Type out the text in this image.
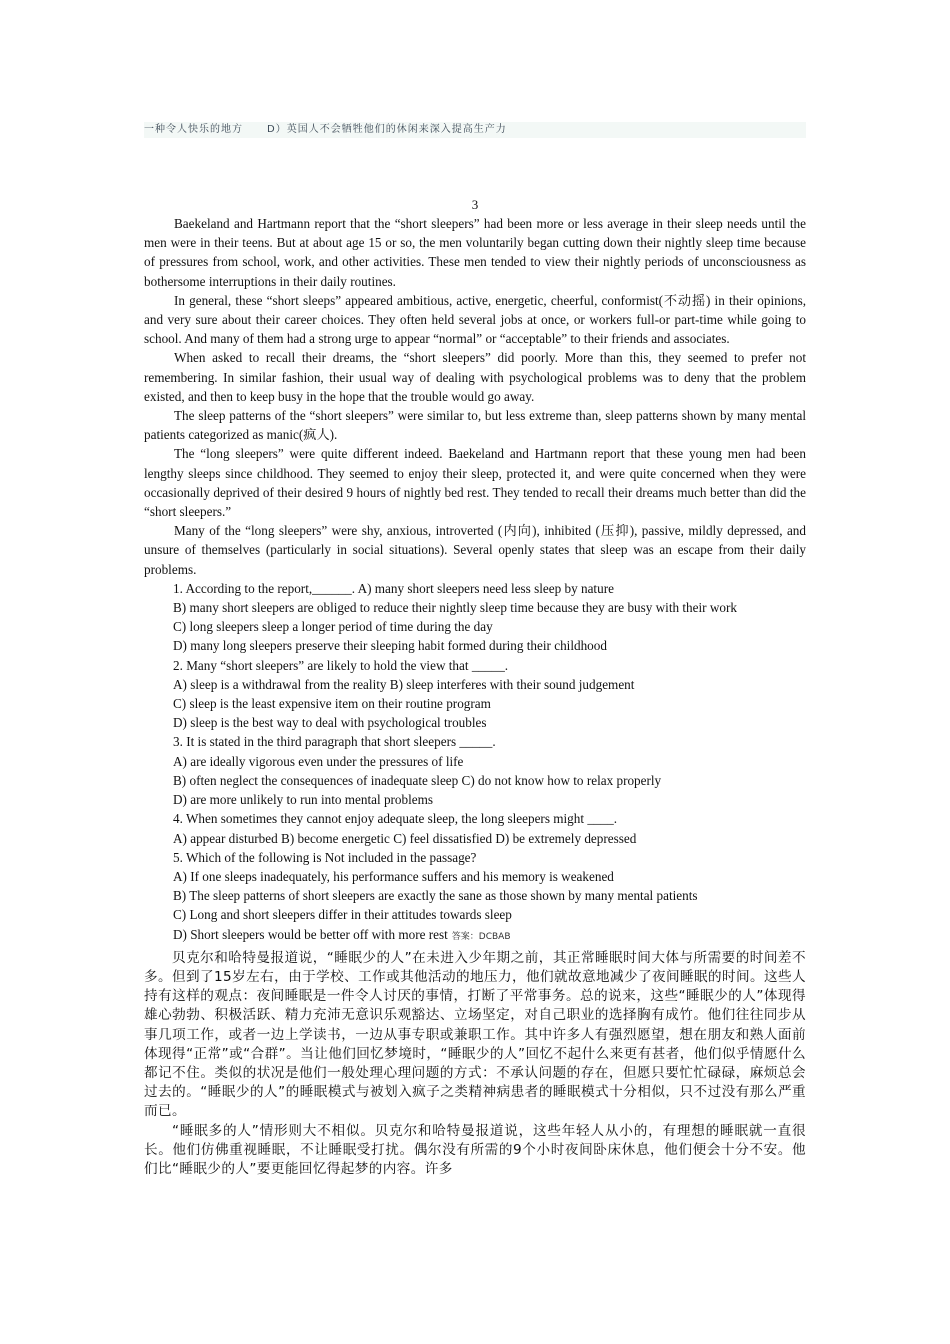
一种令人快乐的地方 D）英国人不会牺牲他们的休闲来深入提高生产力
3

Baekeland and Hartmann report that the “short sleepers” had been more or less average in their sleep needs until the men were in their teens. But at about age 15 or so, the men voluntarily began cutting down their nightly sleep time because of pressures from school, work, and other activities. These men tended to view their nightly periods of unconsciousness as bothersome interruptions in their daily routines.

In general, these “short sleeps” appeared ambitious, active, energetic, cheerful, conformist(不动摇) in their opinions, and very sure about their career choices. They often held several jobs at once, or workers full-or part-time while going to school. And many of them had a strong urge to appear “normal” or “acceptable” to their friends and associates.

When asked to recall their dreams, the “short sleepers” did poorly. More than this, they seemed to prefer not remembering. In similar fashion, their usual way of dealing with psychological problems was to deny that the problem existed, and then to keep busy in the hope that the trouble would go away.

The sleep patterns of the “short sleepers” were similar to, but less extreme than, sleep patterns shown by many mental patients categorized as manic(疯人).

The “long sleepers” were quite different indeed. Baekeland and Hartmann report that these young men had been lengthy sleeps since childhood. They seemed to enjoy their sleep, protected it, and were quite concerned when they were occasionally deprived of their desired 9 hours of nightly bed rest. They tended to recall their dreams much better than did the “short sleepers.”

Many of the “long sleepers” were shy, anxious, introverted (内向), inhibited (压抑), passive, mildly depressed, and unsure of themselves (particularly in social situations). Several openly states that sleep was an escape from their daily problems.

1. According to the report,______. A) many short sleepers need less sleep by nature

B) many short sleepers are obliged to reduce their nightly sleep time because they are busy with their work

C) long sleepers sleep a longer period of time during the day

D) many long sleepers preserve their sleeping habit formed during their childhood

2. Many “short sleepers” are likely to hold the view that _____.

A) sleep is a withdrawal from the reality B) sleep interferes with their sound judgement

C) sleep is the least expensive item on their routine program

D) sleep is the best way to deal with psychological troubles

3. It is stated in the third paragraph that short sleepers _____.

A) are ideally vigorous even under the pressures of life

B) often neglect the consequences of inadequate sleep C) do not know how to relax properly

D) are more unlikely to run into mental problems

4. When sometimes they cannot enjoy adequate sleep, the long sleepers might ____.

A) appear disturbed B) become energetic C) feel dissatisfied D) be extremely depressed

5. Which of the following is Not included in the passage?

A) If one sleeps inadequately, his performance suffers and his memory is weakened

B) The sleep patterns of short sleepers are exactly the sane as those shown by many mental patients

C) Long and short sleepers differ in their attitudes towards sleep

D) Short sleepers would be better off with more rest 答案：DCBAB

贝克尔和哈特曼报道说，“睡眠少的人”在未进入少年期之前，其正常睡眠时间大体与所需要的时间差不多。但到了15岁左右，由于学校、工作或其他活动的地压力，他们就故意地减少了夜间睡眠的时间。这些人持有这样的观点：夜间睡眠是一件令人讨厌的事情，打断了平常事务。总的说来，这些“睡眠少的人”体现得雄心勃勃、积极活跃、精力充沛无意识乐观豁达、立场坚定，对自己职业的选择胸有成竹。他们往往同步从事几项工作，或者一边上学读书，一边从事专职或兼职工作。其中许多人有强烈愿望，想在朋友和熟人面前体现得“正常”或“合群”。当让他们回忆梦境时，“睡眠少的人”回忆不起什么来更有甚者，他们似乎情愿什么都记不住。类似的状况是他们一般处理心理问题的方式：不承认问题的存在，但愿只要忙忙碌碌，麻烦总会过去的。“睡眠少的人”的睡眠模式与被划入疯子之类精神病患者的睡眠模式十分相似，只不过没有那么严重而已。

“睡眠多的人”情形则大不相似。贝克尔和哈特曼报道说，这些年轻人从小的，有理想的睡眠就一直很长。他们仿佛重视睡眠，不让睡眠受打扰。偶尔没有所需的9个小时夜间卧床休息，他们便会十分不安。他们比“睡眠少的人”要更能回忆得起梦的内容。许多
